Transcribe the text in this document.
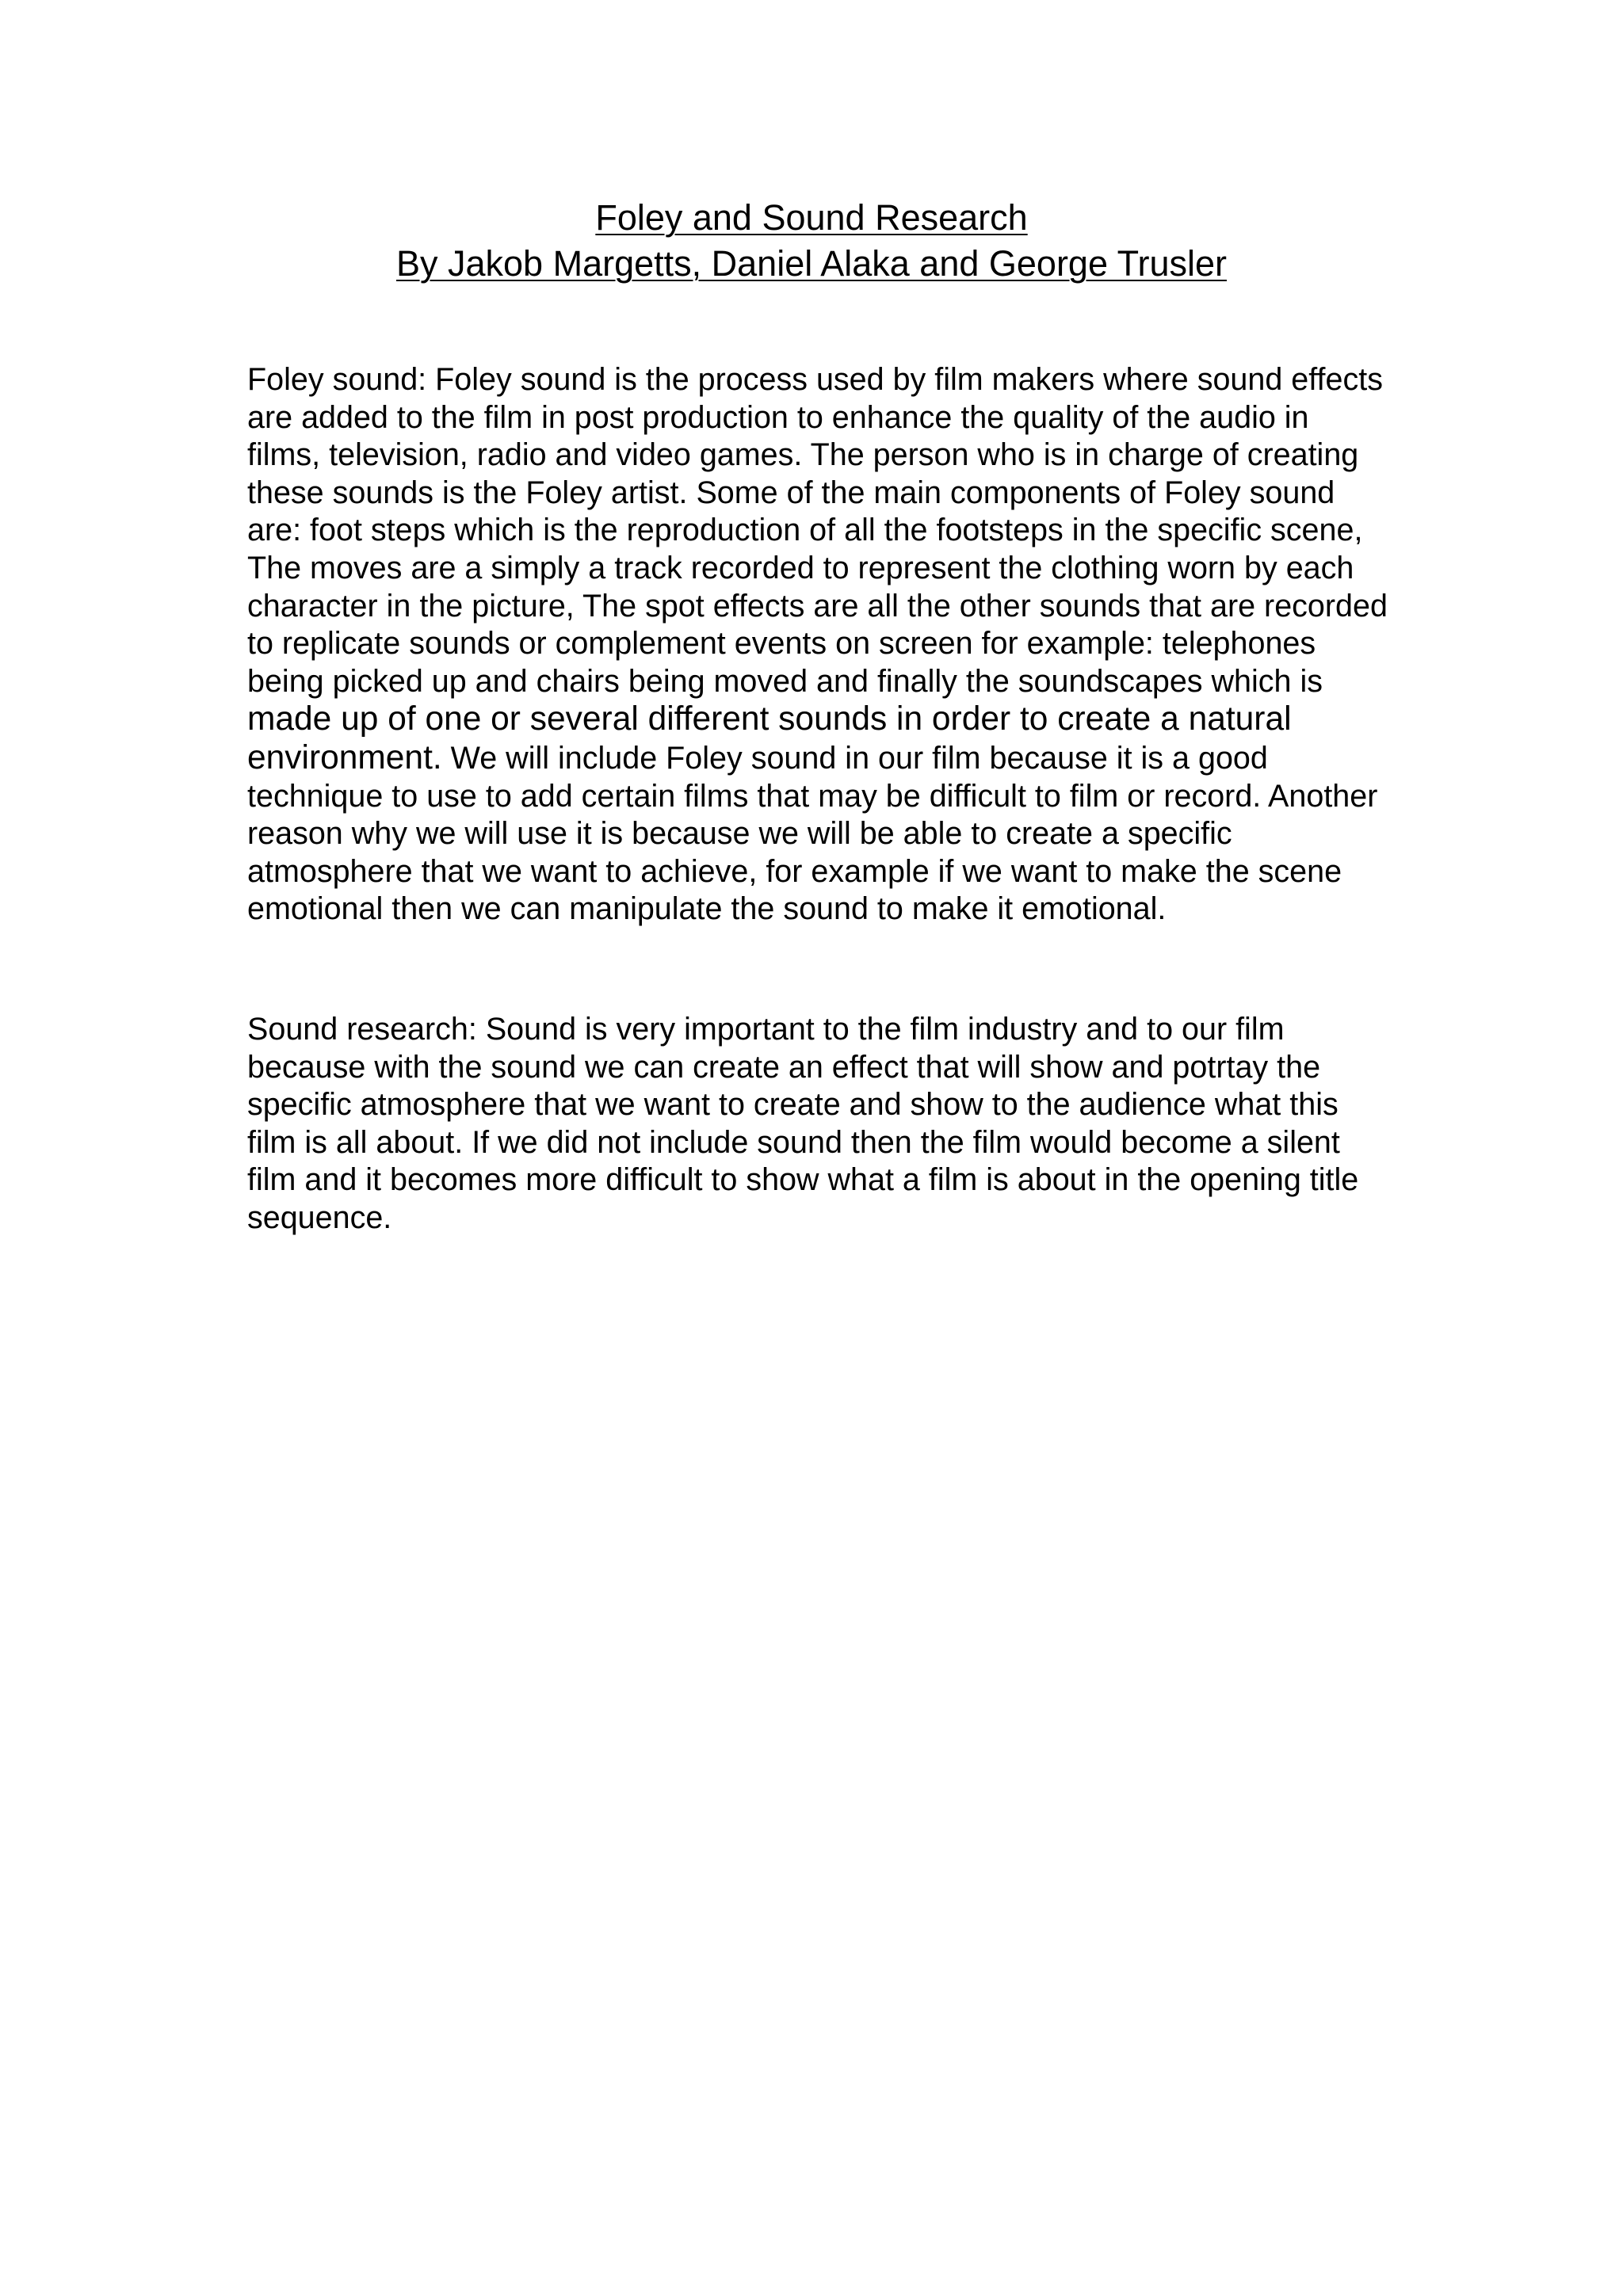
Foley and Sound Research
By Jakob Margetts, Daniel Alaka and George Trusler

Foley sound: Foley sound is the process used by film makers where sound effects are added to the film in post production to enhance the quality of the audio in films, television, radio and video games. The person who is in charge of creating these sounds is the Foley artist. Some of the main components of Foley sound are: foot steps which is the reproduction of all the footsteps in the specific scene, The moves are a simply a track recorded to represent the clothing worn by each character in the picture, The spot effects are all the other sounds that are recorded to replicate sounds or complement events on screen for example: telephones being picked up and chairs being moved and finally the soundscapes which is made up of one or several different sounds in order to create a natural environment. We will include Foley sound in our film because it is a good technique to use to add certain films that may be difficult to film or record. Another reason why we will use it is because we will be able to create a specific atmosphere that we want to achieve, for example if we want to make the scene emotional then we can manipulate the sound to make it emotional.

Sound research: Sound is very important to the film industry and to our film because with the sound we can create an effect that will show and potrtay the specific atmosphere that we want to create and show to the audience what this film is all about. If we did not include sound then the film would become a silent film and it becomes more difficult to show what a film is about in the opening title sequence.
